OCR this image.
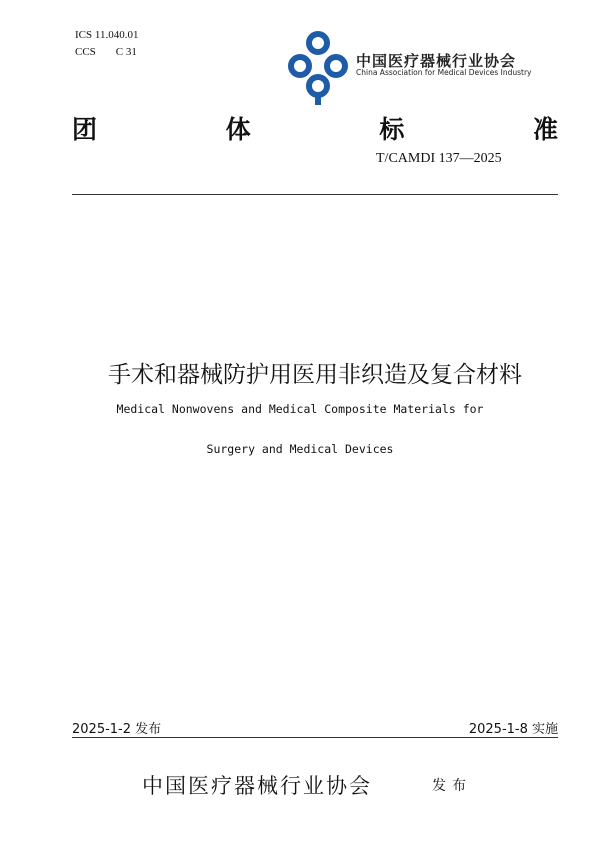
ICS 11.040.01
CCS C 31	中国医疗器械行业协会
China Association for Medical Devices Industry
团	体	标	准
T/CAMDI 137—2025
手术和器械防护用医用非织造及复合材料
Medical Nonwovens and Medical Composite Materials for
Surgery and Medical Devices
2025-1-2 发布	2025-1-8 实施
中国医疗器械行业协会	发布
